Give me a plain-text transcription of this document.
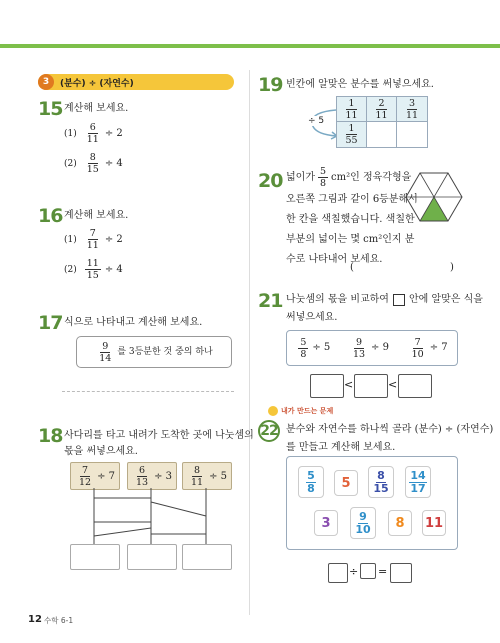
3	(분수) ÷ (자연수)
15 계산해 보세요.
$(1) \frac{6}{11} \div 2$
$(2) \frac{8}{15} \div 4$
16 계산해 보세요.
$(1) \frac{7}{11} \div 2$
$(2) \frac{11}{15} \div 4$
17 식으로 나타내고 계산해 보세요.
$\frac{9}{14}$ 를 3등분한 것 중의 하나
18 사다리를 타고 내려가 도착한 곳에 나눗셈의
몫을 써넣으세요.
$\frac{7}{12} \div 7 \frac{6}{13} \div 3 \frac{8}{11} \div 5$
19 빈칸에 알맞은 분수를 써넣으세요.
÷ 5
$\frac{1}{11} \frac{2}{11} \frac{3}{11}$
$\frac{1}{55}$
20 넓이가 $\frac{5}{8} cm^2$인 정육각형을
오른쪽 그림과 같이 6등분해서
한 칸을 색칠했습니다. 색칠한
부분의 넓이는 몇 cm²인지 분
수로 나타내어 보세요.
(	)
21 나눗셈의 몫을 비교하여 안에 알맞은 식을
써넣으세요.
$\frac{5}{8} \div 5 \frac{9}{13} \div 9 \frac{7}{10} \div 7$
<	<
내가 만드는 문제
22 분수와 자연수를 하나씩 골라 (분수) ÷ (자연수)
를 만들고 계산해 보세요.
5
8	5
8
15
14
17
3	9
10	8	11
÷ =
12 수학 6-1
